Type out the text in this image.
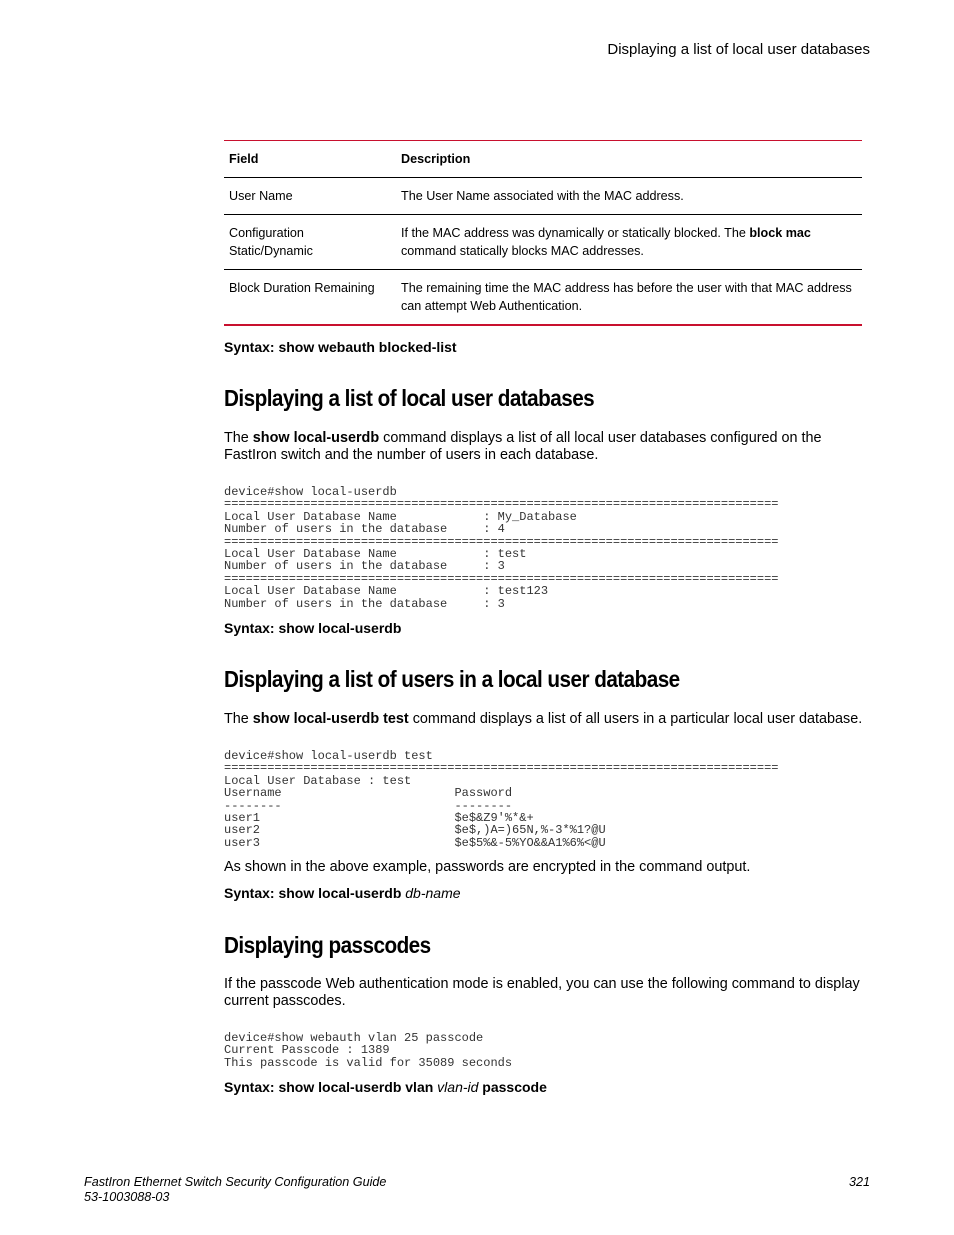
Displaying a list of local user databases
Field	Description
User Name	The User Name associated with the MAC address.
Configuration Static/Dynamic	If the MAC address was dynamically or statically blocked. The block mac command statically blocks MAC addresses.
Block Duration Remaining	The remaining time the MAC address has before the user with that MAC address can attempt Web Authentication.
Syntax: show webauth blocked-list
Displaying a list of local user databases

The show local-userdb command displays a list of all local user databases configured on the FastIron switch and the number of users in each database.

device#show local-userdb
=============================================================================
Local User Database Name            : My_Database
Number of users in the database     : 4
=============================================================================
Local User Database Name            : test
Number of users in the database     : 3
=============================================================================
Local User Database Name            : test123
Number of users in the database     : 3
Syntax: show local-userdb
Displaying a list of users in a local user database

The show local-userdb test command displays a list of all users in a particular local user database.

device#show local-userdb test
=============================================================================
Local User Database : test
Username                        Password
--------                        --------
user1                           $e$&Z9'%*&+
user2                           $e$,)A=)65N,%-3*%1?@U
user3                           $e$5%&-5%YO&&A1%6%<@U

As shown in the above example, passwords are encrypted in the command output.

Syntax: show local-userdb db-name
Displaying passcodes

If the passcode Web authentication mode is enabled, you can use the following command to display current passcodes.

device#show webauth vlan 25 passcode
Current Passcode : 1389
This passcode is valid for 35089 seconds
Syntax: show local-userdb vlan vlan-id passcode
FastIron Ethernet Switch Security Configuration Guide
53-1003088-03
321
